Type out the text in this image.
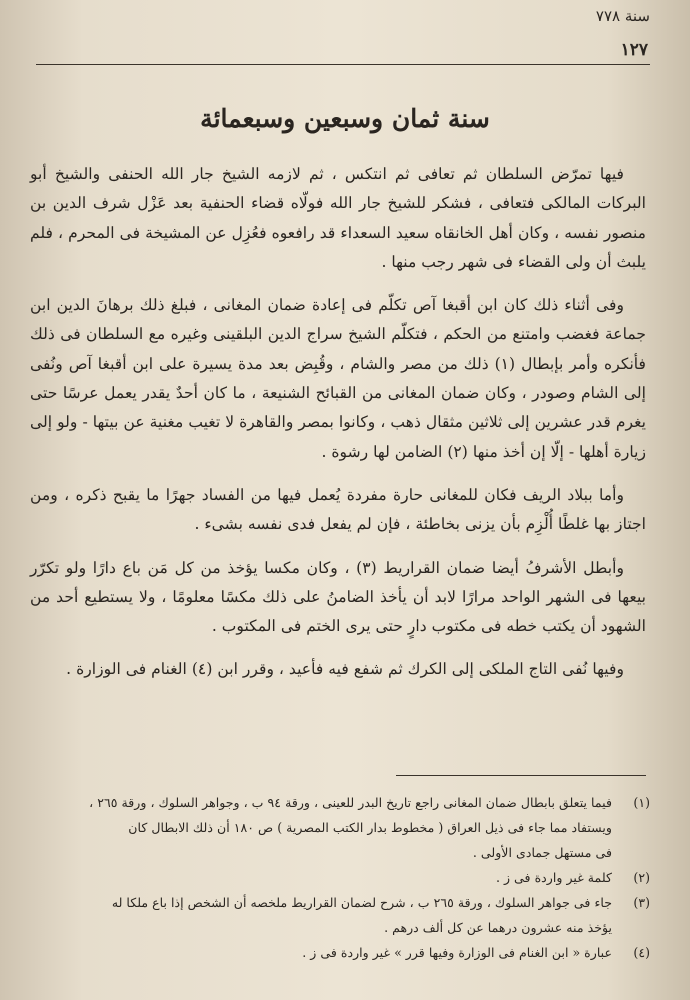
سنة ٧٧٨
١٢٧
سنة ثمان وسبعين وسبعمائة

فيها تمرّض السلطان ثم تعافى ثم انتكس ، ثم لازمه الشيخ جار الله الحنفى والشيخ أبو البركات المالكى فتعافى ، فشكر للشيخ جار الله فولّاه قضاء الحنفية بعد عَزْل شرف الدين بن منصور نفسه ، وكان أهل الخانقاه سعيد السعداء قد رافعوه فعُزِل عن المشيخة فى المحرم ، فلم يلبث أن ولى القضاء فى شهر رجب منها .

وفى أثناء ذلك كان ابن أقبغا آص تكلّم فى إعادة ضمان المغانى ، فبلغ ذلك برهانَ الدين ابن جماعة فغضب وامتنع من الحكم ، فتكلّم الشيخ سراج الدين البلقينى وغيره مع السلطان فى ذلك فأنكره وأمر بإبطال (١) ذلك من مصر والشام ، وقُبِض بعد مدة يسيرة على ابن أقبغا آص ونُفى إلى الشام وصودر ، وكان ضمان المغانى من القبائح الشنيعة ، ما كان أحدٌ يقدر يعمل عرسًا حتى يغرم قدر عشرين إلى ثلاثين مثقال ذهب ، وكانوا بمصر والقاهرة لا تغيب مغنية عن بيتها - ولو إلى زيارة أهلها - إلّا إن أخذ منها (٢) الضامن لها رشوة .

وأما ببلاد الريف فكان للمغانى حارة مفردة يُعمل فيها من الفساد جهرًا ما يقبح ذكره ، ومن اجتاز بها غلطًا أُلْزِم بأن يزنى بخاطئة ، فإن لم يفعل فدى نفسه بشىء .

وأبطل الأشرفُ أيضا ضمان القراريط (٣) ، وكان مكسا يؤخذ من كل مَن باع دارًا ولو تكرّر بيعها فى الشهر الواحد مرارًا لابد أن يأخذ الضامنُ على ذلك مكسًا معلومًا ، ولا يستطيع أحد من الشهود أن يكتب خطه فى مكتوب دارٍ حتى يرى الختم فى المكتوب .

وفيها نُفى التاج الملكى إلى الكرك ثم شفع فيه فأعيد ، وقرر ابن (٤) الغنام فى الوزارة .

(١)
فيما يتعلق بابطال ضمان المغانى راجع تاريخ البدر للعينى ، ورقة ٩٤ ب ، وجواهر السلوك ، ورقة ٢٦٥ ،
ويستفاد مما جاء فى ذيل العراق ( مخطوط بدار الكتب المصرية ) ص ١٨٠ أن ذلك الابطال كان
فى مستهل جمادى الأولى .
(٢)
كلمة غير واردة فى ز .
(٣)
جاء فى جواهر السلوك ، ورقة ٢٦٥ ب ، شرح لضمان القراريط ملخصه أن الشخص إذا باع ملكا له
يؤخذ منه عشرون درهما عن كل ألف درهم .
(٤)
عبارة « ابن الغنام فى الوزارة وفيها قرر » غير واردة فى ز .
